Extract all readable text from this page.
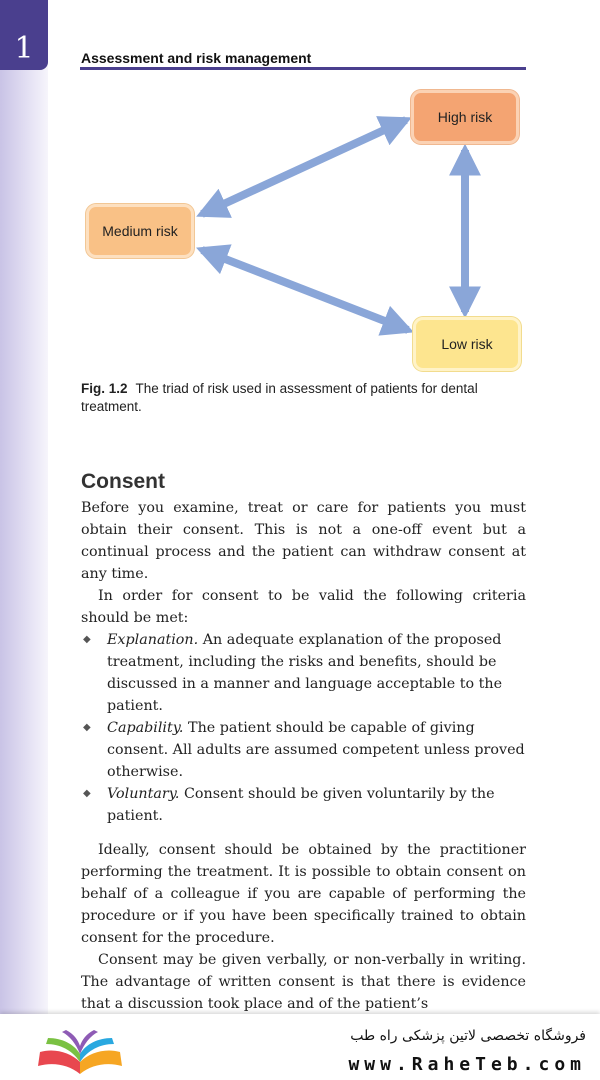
1	Assessment and risk management
High risk
Medium risk
Low risk
Fig. 1.2 The triad of risk used in assessment of patients for dental treatment.
Consent

Before you examine, treat or care for patients you must obtain their consent. This is not a one-off event but a continual process and the patient can withdraw consent at any time.

In order for consent to be valid the following criteria should be met:

◆ Explanation. An adequate explanation of the proposed treatment, including the risks and benefits, should be discussed in a manner and language acceptable to the patient.
◆ Capability. The patient should be capable of giving consent. All adults are assumed competent unless proved otherwise.
◆ Voluntary. Consent should be given voluntarily by the patient.

Ideally, consent should be obtained by the practitioner performing the treatment. It is possible to obtain consent on behalf of a colleague if you are capable of performing the procedure or if you have been specifically trained to obtain consent for the procedure.

Consent may be given verbally, or non-verbally in writing. The advantage of written consent is that there is evidence that a discussion took place and of the patient’s

فروشگاه تخصصی لاتین پزشکی راه طب
www.RaheTeb.com
